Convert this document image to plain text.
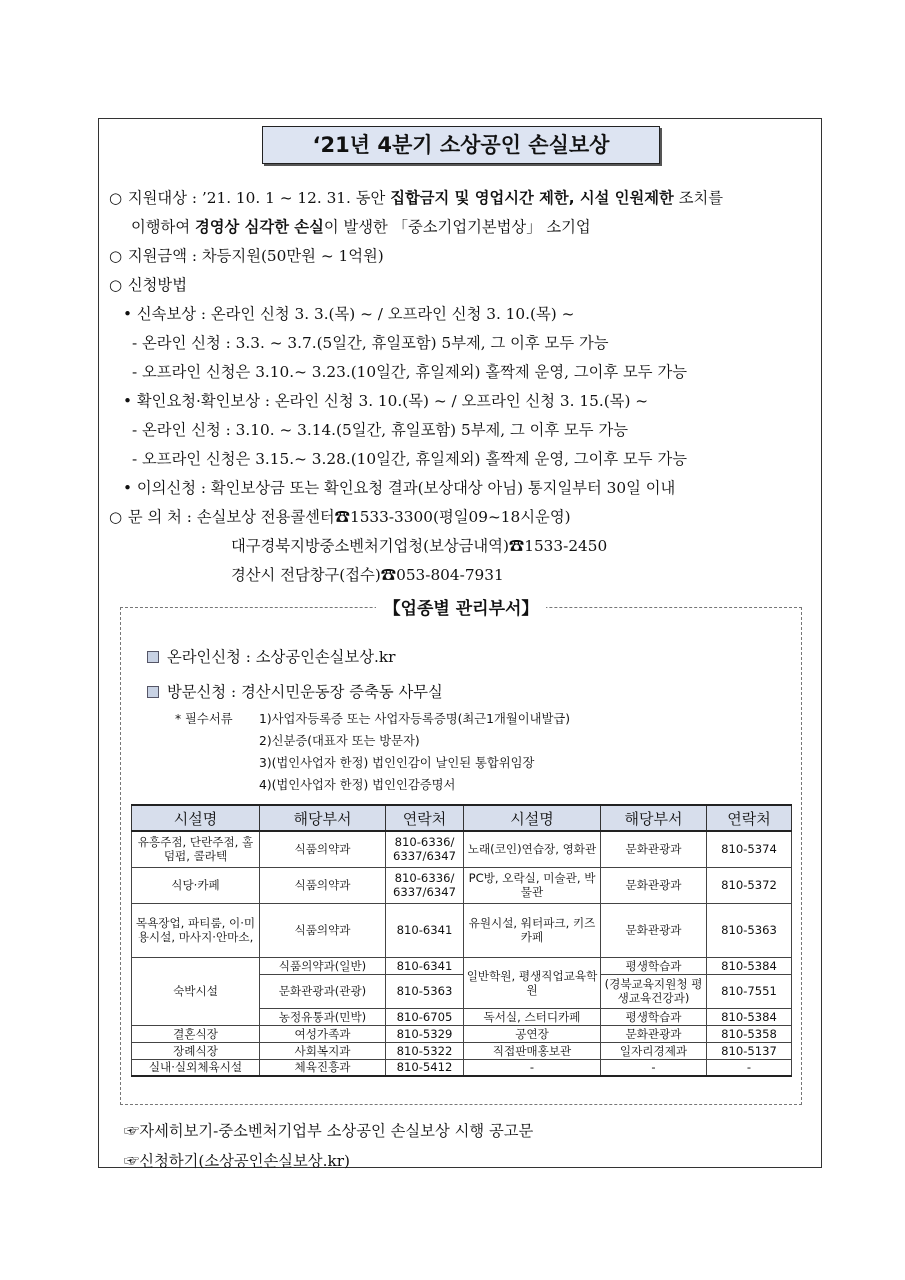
‘21년 4분기 소상공인 손실보상
○ 지원대상 : ’21. 10. 1 ~ 12. 31. 동안 집합금지 및 영업시간 제한, 시설 인원제한 조치를
이행하여 경영상 심각한 손실이 발생한 「중소기업기본법상」 소기업
○ 지원금액 : 차등지원(50만원 ~ 1억원)
○ 신청방법
• 신속보상 : 온라인 신청 3. 3.(목) ~ / 오프라인 신청 3. 10.(목) ~
- 온라인 신청 : 3.3. ~ 3.7.(5일간, 휴일포함) 5부제, 그 이후 모두 가능
- 오프라인 신청은 3.10.~ 3.23.(10일간, 휴일제외) 홀짝제 운영, 그이후 모두 가능
• 확인요청·확인보상 : 온라인 신청 3. 10.(목) ~ / 오프라인 신청 3. 15.(목) ~
- 온라인 신청 : 3.10. ~ 3.14.(5일간, 휴일포함) 5부제, 그 이후 모두 가능
- 오프라인 신청은 3.15.~ 3.28.(10일간, 휴일제외) 홀짝제 운영, 그이후 모두 가능
• 이의신청 : 확인보상금 또는 확인요청 결과(보상대상 아님) 통지일부터 30일 이내
○ 문 의 처 : 손실보상 전용콜센터☎1533-3300(평일09~18시운영)
대구경북지방중소벤처기업청(보상금내역)☎1533-2450
경산시 전담창구(접수)☎053-804-7931
【업종별 관리부서】
온라인신청 : 소상공인손실보상.kr
방문신청 : 경산시민운동장 증축동 사무실
* 필수서류 1)사업자등록증 또는 사업자등록증명(최근1개월이내발급)
2)신분증(대표자 또는 방문자)
3)(법인사업자 한정) 법인인감이 날인된 통합위임장
4)(법인사업자 한정) 법인인감증명서
시설명	해당부서	연락처	시설명	해당부서	연락처
유흥주점, 단란주점, 홀덤펍, 콜라텍	식품의약과	810-6336/ 6337/6347	노래(코인)연습장, 영화관	문화관광과	810-5374
식당·카페	식품의약과	810-6336/ 6337/6347	PC방, 오락실, 미술관, 박물관	문화관광과	810-5372
목욕장업, 파티룸, 이·미용시설, 마사지·안마소,	식품의약과	810-6341	유원시설, 워터파크, 키즈카페	문화관광과	810-5363
숙박시설	식품의약과(일반)	810-6341	일반학원, 평생직업교육학원	평생학습과	810-5384
	문화관광과(관광)	810-5363		(경북교육지원청 평생교육건강과)	810-7551
	농정유통과(민박)	810-6705	독서실, 스터디카페	평생학습과	810-5384
결혼식장	여성가족과	810-5329	공연장	문화관광과	810-5358
장례식장	사회복지과	810-5322	직접판매홍보관	일자리경제과	810-5137
실내·실외체육시설	체육진흥과	810-5412	-	-	-
☞자세히보기-중소벤처기업부 소상공인 손실보상 시행 공고문
☞신청하기(소상공인손실보상.kr)
